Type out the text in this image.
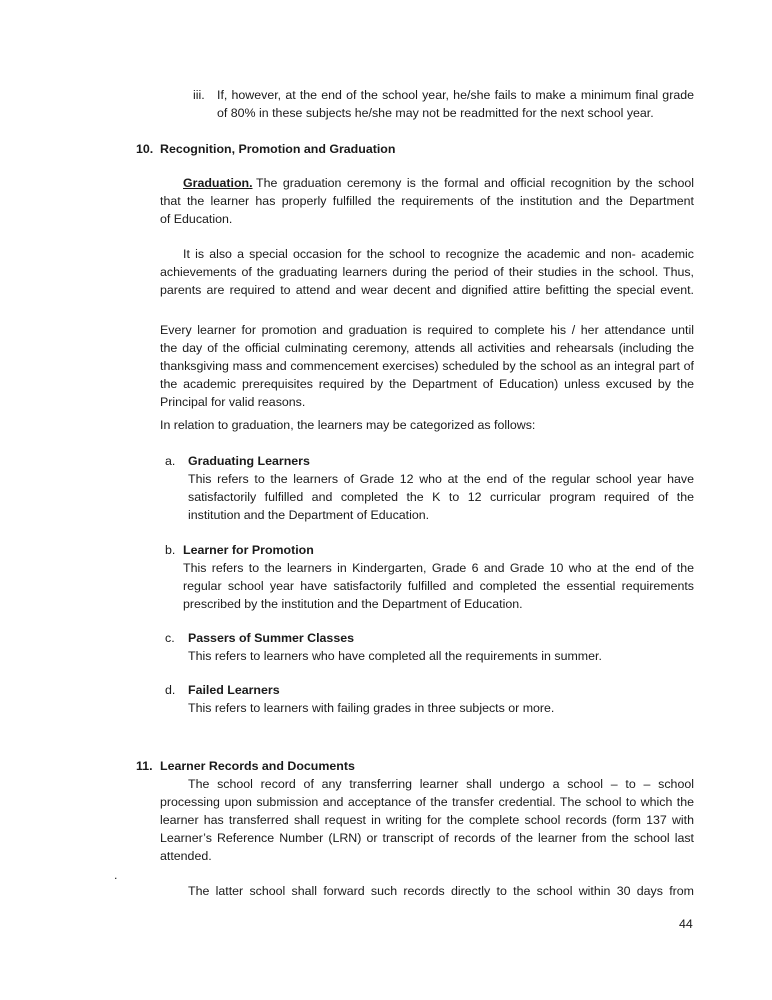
iii. If, however, at the end of the school year, he/she fails to make a minimum final grade
of 80% in these subjects he/she may not be readmitted for the next school year.
10. Recognition, Promotion and Graduation
Graduation. The graduation ceremony is the formal and official recognition by the school
that the learner has properly fulfilled the requirements of the institution and the Department
of Education.
It is also a special occasion for the school to recognize the academic and non- academic
achievements of the graduating learners during the period of their studies in the school. Thus,
parents are required to attend and wear decent and dignified attire befitting the special event.
Every learner for promotion and graduation is required to complete his / her attendance until
the day of the official culminating ceremony, attends all activities and rehearsals (including the
thanksgiving mass and commencement exercises) scheduled by the school as an integral part of
the academic prerequisites required by the Department of Education) unless excused by the
Principal for valid reasons.
In relation to graduation, the learners may be categorized as follows:
a. Graduating Learners
This refers to the learners of Grade 12 who at the end of the regular school year have
satisfactorily fulfilled and completed the K to 12 curricular program required of the
institution and the Department of Education.
b. Learner for Promotion
This refers to the learners in Kindergarten, Grade 6 and Grade 10 who at the end of the
regular school year have satisfactorily fulfilled and completed the essential requirements
prescribed by the institution and the Department of Education.
c. Passers of Summer Classes
This refers to learners who have completed all the requirements in summer.
d. Failed Learners
This refers to learners with failing grades in three subjects or more.
11. Learner Records and Documents
The school record of any transferring learner shall undergo a school – to – school
processing upon submission and acceptance of the transfer credential. The school to which the
learner has transferred shall request in writing for the complete school records (form 137 with
Learner’s Reference Number (LRN) or transcript of records of the learner from the school last
attended.
.
The latter school shall forward such records directly to the school within 30 days from
44
